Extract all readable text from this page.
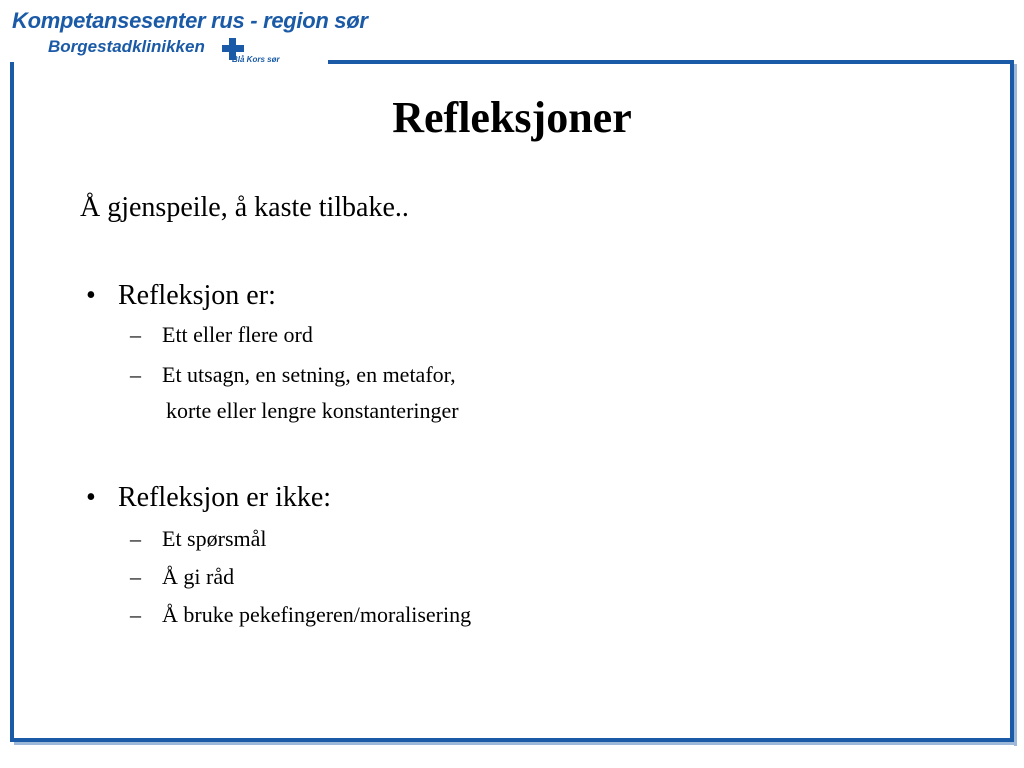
Kompetansesenter rus - region sør
Borgestadklinikken
Blå Kors sør
Refleksjoner
Å gjenspeile, å kaste tilbake..
• Refleksjon er:
– Ett eller flere ord
– Et utsagn, en setning, en metafor,
korte eller lengre konstanteringer
• Refleksjon er ikke:
– Et spørsmål
– Å gi råd
– Å bruke pekefingeren/moralisering
